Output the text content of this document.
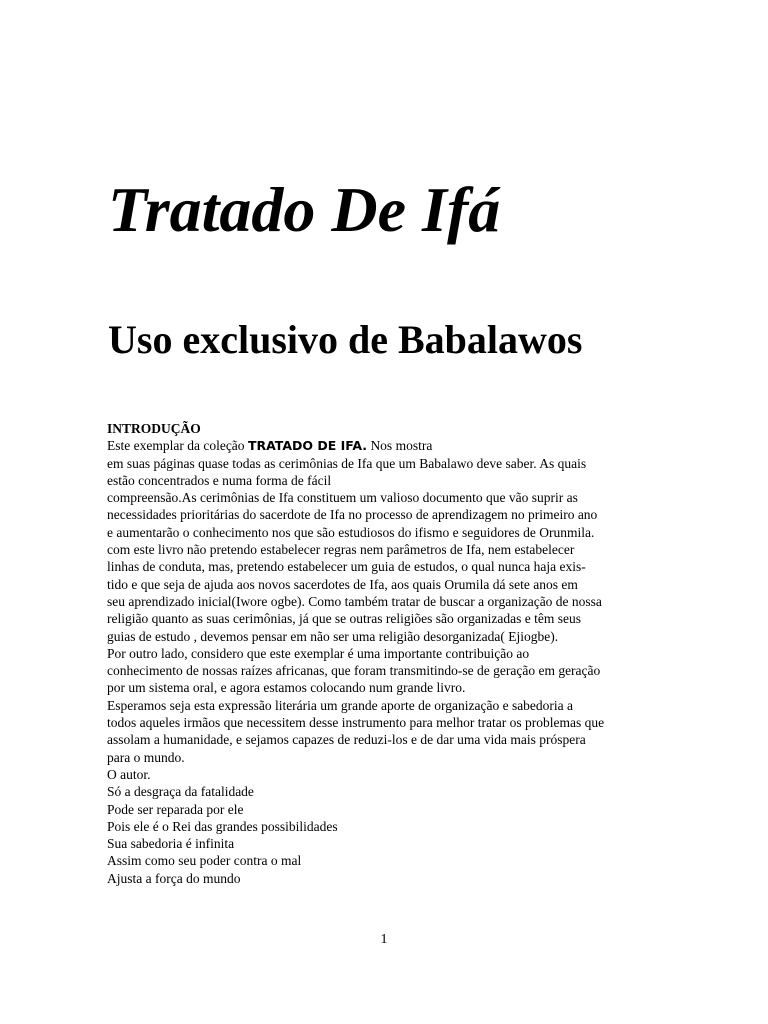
Tratado De Ifá
Uso exclusivo de Babalawos
INTRODUÇÃO
Este exemplar da coleção TRATADO DE IFA. Nos mostra
em suas páginas quase todas as cerimônias de Ifa que um Babalawo deve saber. As quais
estão concentrados e numa forma de fácil
compreensão.As cerimônias de Ifa constituem um valioso documento que vão suprir as
necessidades prioritárias do sacerdote de Ifa no processo de aprendizagem no primeiro ano
e aumentarão o conhecimento nos que são estudiosos do ifismo e seguidores de Orunmila.
com este livro não pretendo estabelecer regras nem parâmetros de Ifa, nem estabelecer
linhas de conduta, mas, pretendo estabelecer um guia de estudos, o qual nunca haja exis-
tido e que seja de ajuda aos novos sacerdotes de Ifa, aos quais Orumila dá sete anos em
seu aprendizado inicial(Iwore ogbe). Como também tratar de buscar a organização de nossa
religião quanto as suas cerimônias, já que se outras religiões são organizadas e têm seus
guias de estudo , devemos pensar em não ser uma religião desorganizada( Ejiogbe).
Por outro lado, considero que este exemplar é uma importante contribuição ao
conhecimento de nossas raízes africanas, que foram transmitindo-se de geração em geração
por um sistema oral, e agora estamos colocando num grande livro.
Esperamos seja esta expressão literária um grande aporte de organização e sabedoria a
todos aqueles irmãos que necessitem desse instrumento para melhor tratar os problemas que
assolam a humanidade, e sejamos capazes de reduzi-los e de dar uma vida mais próspera
para o mundo.
O autor.
Só a desgraça da fatalidade
Pode ser reparada por ele
Pois ele é o Rei das grandes possibilidades
Sua sabedoria é infinita
Assim como seu poder contra o mal
Ajusta a força do mundo
1
